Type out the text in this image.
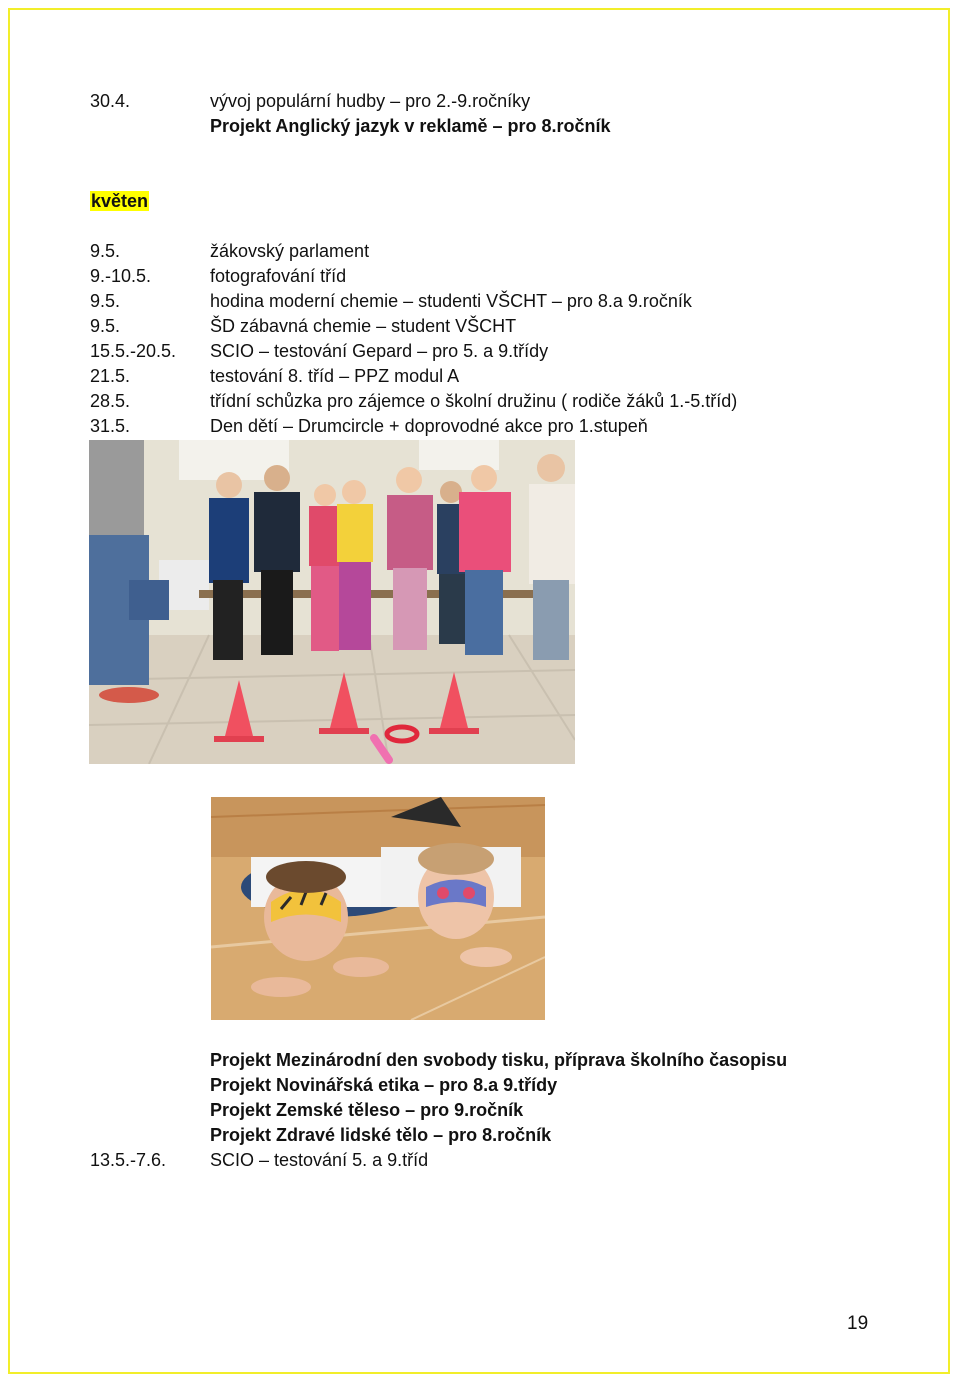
30.4.	vývoj populární hudby – pro 2.-9.ročníky
Projekt Anglický jazyk v reklamě – pro 8.ročník
květen
9.5.	žákovský parlament
9.-10.5.	fotografování tříd
9.5.	hodina moderní chemie – studenti VŠCHT – pro 8.a 9.ročník
9.5.	ŠD zábavná chemie – student VŠCHT
15.5.-20.5. SCIO – testování Gepard – pro 5. a 9.třídy
21.5.	testování 8. tříd – PPZ modul A
28.5.	třídní schůzka pro zájemce o školní družinu ( rodiče žáků 1.-5.tříd)
31.5.	Den dětí – Drumcircle + doprovodné akce pro 1.stupeň
Projekt Mezinárodní den svobody tisku, příprava školního časopisu
Projekt Novinářská etika – pro 8.a 9.třídy
Projekt Zemské těleso – pro 9.ročník
Projekt Zdravé lidské tělo – pro 8.ročník
13.5.-7.6. SCIO – testování 5. a 9.tříd
19
